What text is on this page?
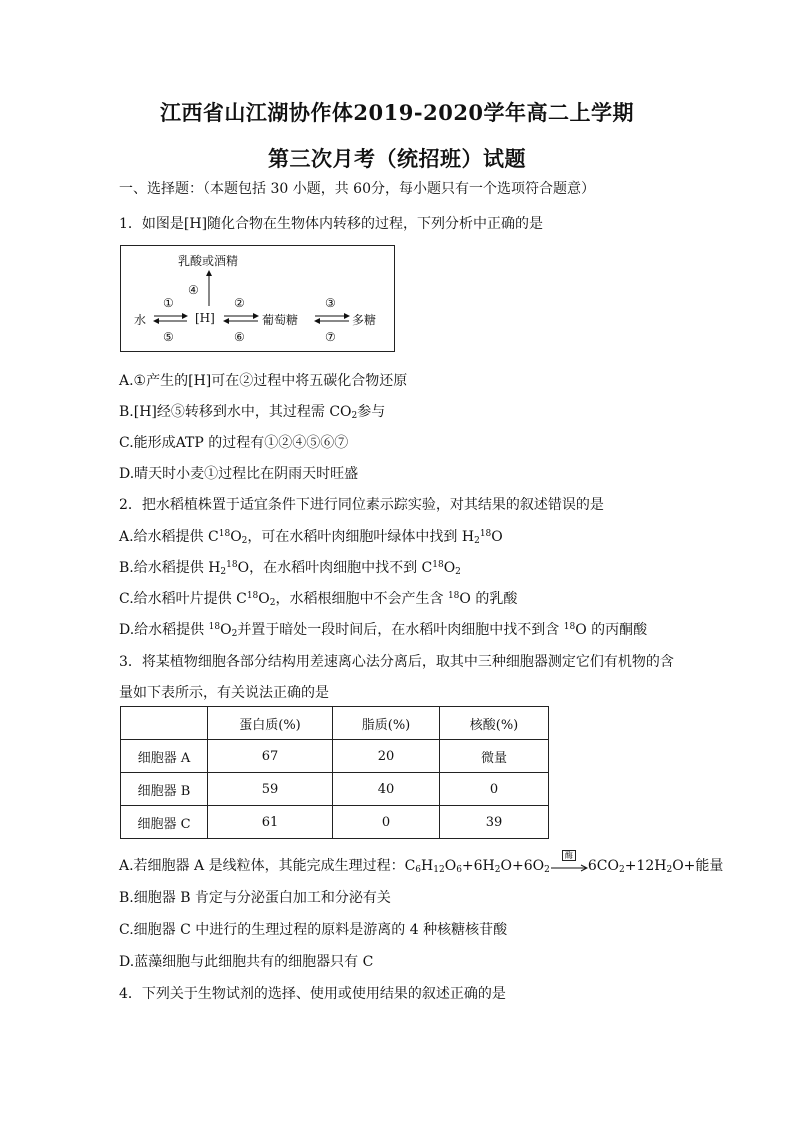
江西省山江湖协作体2019-2020学年高二上学期
第三次月考（统招班）试题
一、选择题：（本题包括 30 小题，共 60分，每小题只有一个选项符合题意）
1．如图是[H]随化合物在生物体内转移的过程，下列分析中正确的是
乳酸或酒精
④
①	②	③
水	[H]	葡萄糖	多糖
⑤	⑥	⑦
A.①产生的[H]可在②过程中将五碳化合物还原
B.[H]经⑤转移到水中，其过程需 $CO_2$参与
C.能形成ATP 的过程有①②④⑤⑥⑦
D.晴天时小麦①过程比在阴雨天时旺盛
2．把水稻植株置于适宜条件下进行同位素示踪实验，对其结果的叙述错误的是
A.给水稻提供 $C^{18}O_2$，可在水稻叶肉细胞叶绿体中找到 $H_2^{18}O$
B.给水稻提供 $H_2^{18}O$，在水稻叶肉细胞中找不到 $C^{18}O_2$
C.给水稻叶片提供 $C^{18}O_2$，水稻根细胞中不会产生含 $^{18}$O 的乳酸
D.给水稻提供 $^{18}O_2$并置于暗处一段时间后，在水稻叶肉细胞中找不到含 $^{18}$O 的丙酮酸
3．将某植物细胞各部分结构用差速离心法分离后，取其中三种细胞器测定它们有机物的含
量如下表所示，有关说法正确的是
	蛋白质(%)	脂质(%)	核酸(%)
细胞器 A	67	20	微量
细胞器 B	59	40	0
细胞器 C	61	0	39
A.若细胞器 A 是线粒体，其能完成生理过程：$C_6H_{12}O_6+6H_2O+6O_2$
酶
$6CO_2+12H_2O+$能量
B.细胞器 B 肯定与分泌蛋白加工和分泌有关
C.细胞器 C 中进行的生理过程的原料是游离的 4 种核糖核苷酸
D.蓝藻细胞与此细胞共有的细胞器只有 C
4．下列关于生物试剂的选择、使用或使用结果的叙述正确的是
